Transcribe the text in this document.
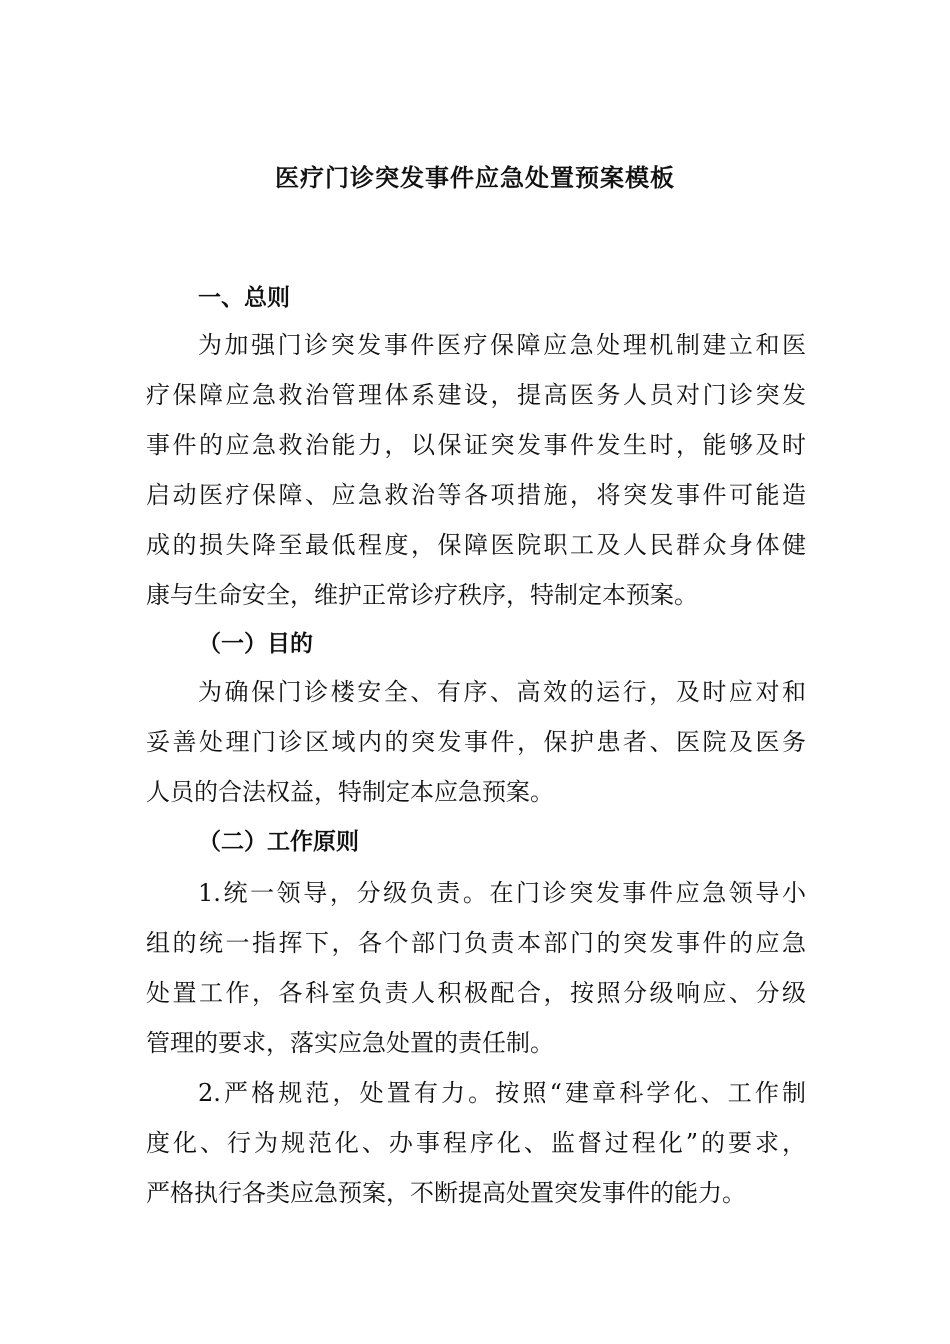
医疗门诊突发事件应急处置预案模板
一、总则
为加强门诊突发事件医疗保障应急处理机制建立和医
疗保障应急救治管理体系建设，提高医务人员对门诊突发
事件的应急救治能力，以保证突发事件发生时，能够及时
启动医疗保障、应急救治等各项措施，将突发事件可能造
成的损失降至最低程度，保障医院职工及人民群众身体健
康与生命安全，维护正常诊疗秩序，特制定本预案。
（一）目的
为确保门诊楼安全、有序、高效的运行，及时应对和
妥善处理门诊区域内的突发事件，保护患者、医院及医务
人员的合法权益，特制定本应急预案。
（二）工作原则
1.统一领导，分级负责。在门诊突发事件应急领导小
组的统一指挥下，各个部门负责本部门的突发事件的应急
处置工作，各科室负责人积极配合，按照分级响应、分级
管理的要求，落实应急处置的责任制。
2.严格规范，处置有力。按照“建章科学化、工作制
度化、行为规范化、办事程序化、监督过程化”的要求，
严格执行各类应急预案，不断提高处置突发事件的能力。
